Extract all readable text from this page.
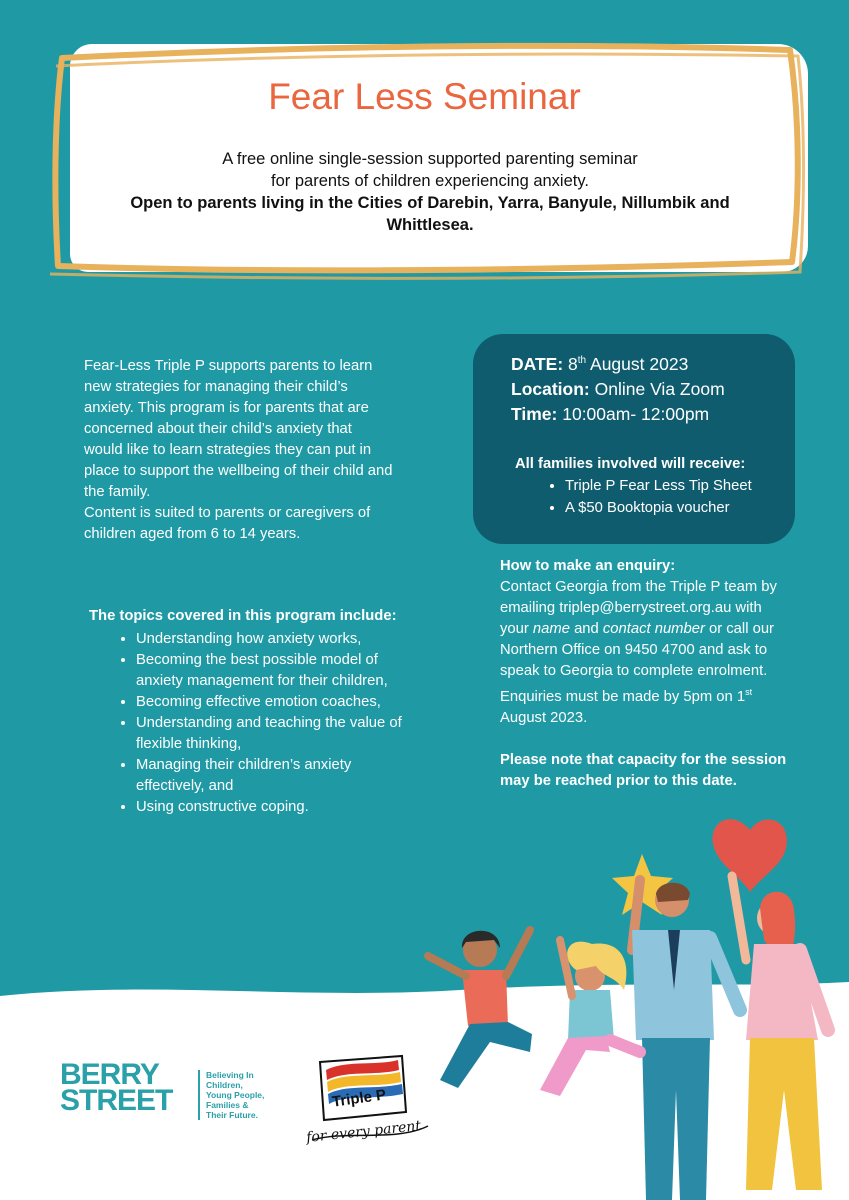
Fear Less Seminar
A free online single-session supported parenting seminar
for parents of children experiencing anxiety.
Open to parents living in the Cities of Darebin, Yarra, Banyule, Nillumbik and Whittlesea.

Fear-Less Triple P supports parents to learn new strategies for managing their child’s anxiety. This program is for parents that are concerned about their child’s anxiety that would like to learn strategies they can put in place to support the wellbeing of their child and the family.

Content is suited to parents or caregivers of children aged from 6 to 14 years.

The topics covered in this program include:

• Understanding how anxiety works,
• Becoming the best possible model of anxiety management for their children,
• Becoming effective emotion coaches,
• Understanding and teaching the value of flexible thinking,
• Managing their children’s anxiety effectively, and
• Using constructive coping.
DATE: 8th August 2023
Location: Online Via Zoom
Time: 10:00am- 12:00pm
All families involved will receive:
• Triple P Fear Less Tip Sheet
• A $50 Booktopia voucher

How to make an enquiry:

Contact Georgia from the Triple P team by emailing triplep@berrystreet.org.au with your name and contact number or call our Northern Office on 9450 4700 and ask to speak to Georgia to complete enrolment. Enquiries must be made by 5pm on 1st August 2023.

Please note that capacity for the session may be reached prior to this date.

BERRY
STREET
Believing In
Children,
Young People,
Families &
Their Future.
Triple P
for every parent
